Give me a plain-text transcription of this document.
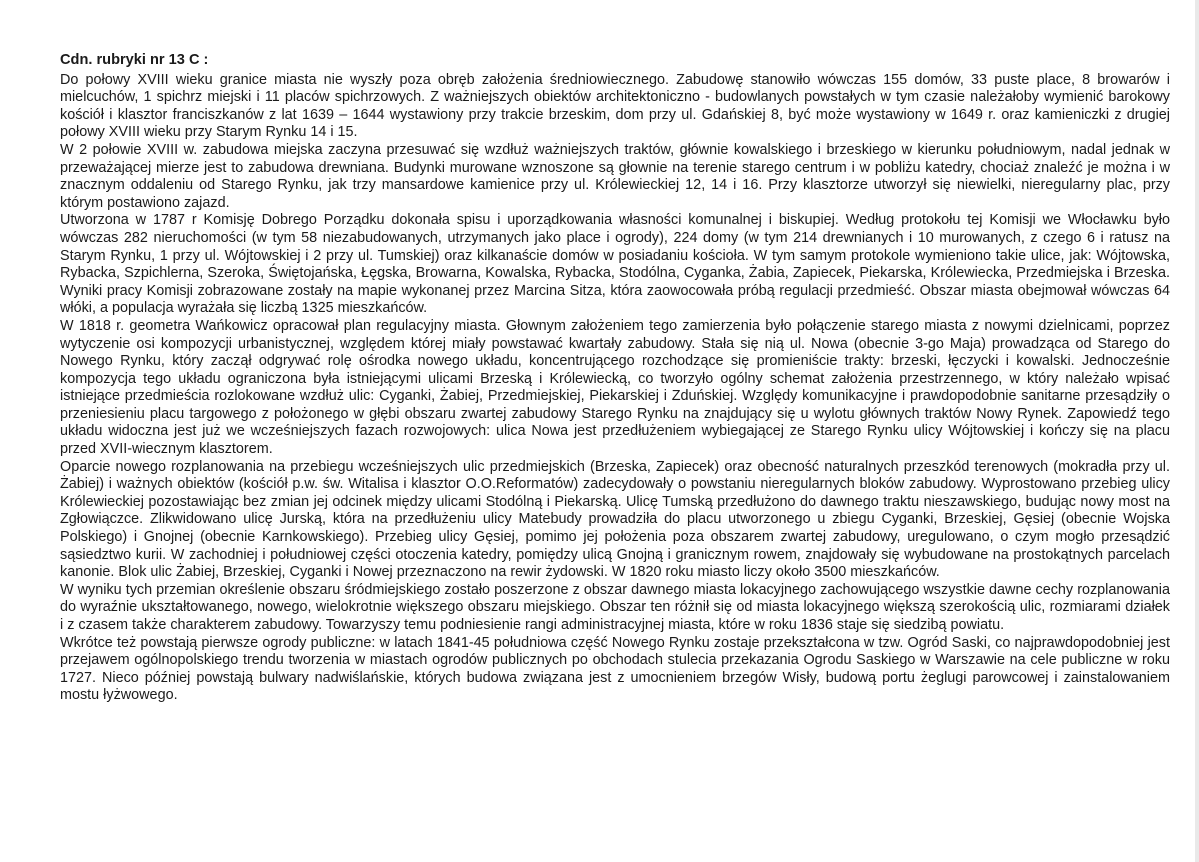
Cdn. rubryki nr 13 C :

Do połowy XVIII wieku granice miasta nie wyszły poza obręb założenia średniowiecznego. Zabudowę stanowiło wówczas 155 domów, 33 puste place, 8 browarów i mielcuchów, 1 spichrz miejski i 11 placów spichrzowych. Z ważniejszych obiektów architektoniczno - budowlanych powstałych w tym czasie należałoby wymienić barokowy kościół i klasztor franciszkanów z lat 1639 – 1644 wystawiony przy trakcie brzeskim, dom przy ul. Gdańskiej 8, być może wystawiony w 1649 r. oraz kamieniczki z drugiej połowy XVIII wieku przy Starym Rynku 14 i 15.

W 2 połowie XVIII w. zabudowa miejska zaczyna przesuwać się wzdłuż ważniejszych traktów, głównie kowalskiego i brzeskiego w kierunku południowym, nadal jednak w przeważającej mierze jest to zabudowa drewniana. Budynki murowane wznoszone są głownie na terenie starego centrum i w pobliżu katedry, chociaż znaleźć je można i w znacznym oddaleniu od Starego Rynku, jak trzy mansardowe kamienice przy ul. Królewieckiej 12, 14 i 16. Przy klasztorze utworzył się niewielki, nieregularny plac, przy którym postawiono zajazd.

Utworzona w 1787 r Komisję Dobrego Porządku dokonała spisu i uporządkowania własności komunalnej i biskupiej. Według protokołu tej Komisji we Włocławku było wówczas 282 nieruchomości (w tym 58 niezabudowanych, utrzymanych jako place i ogrody), 224 domy (w tym 214 drewnianych i 10 murowanych, z czego 6 i ratusz na Starym Rynku, 1 przy ul. Wójtowskiej i 2 przy ul. Tumskiej) oraz kilkanaście domów w posiadaniu kościoła. W tym samym protokole wymieniono takie ulice, jak: Wójtowska, Rybacka, Szpichlerna, Szeroka, Świętojańska, Łęgska, Browarna, Kowalska, Rybacka, Stodólna, Cyganka, Żabia, Zapiecek, Piekarska, Królewiecka, Przedmiejska i Brzeska. Wyniki pracy Komisji zobrazowane zostały na mapie wykonanej przez Marcina Sitza, która zaowocowała próbą regulacji przedmieść. Obszar miasta obejmował wówczas 64 włóki, a populacja wyrażała się liczbą 1325 mieszkańców.

W 1818 r. geometra Wańkowicz opracował plan regulacyjny miasta. Głownym założeniem tego zamierzenia było połączenie starego miasta z nowymi dzielnicami, poprzez wytyczenie osi kompozycji urbanistycznej, względem której miały powstawać kwartały zabudowy. Stała się nią ul. Nowa (obecnie 3-go Maja) prowadząca od Starego do Nowego Rynku, który zaczął odgrywać rolę ośrodka nowego układu, koncentrującego rozchodzące się promieniście trakty: brzeski, łęczycki i kowalski. Jednocześnie kompozycja tego układu ograniczona była istniejącymi ulicami Brzeską i Królewiecką, co tworzyło ogólny schemat założenia przestrzennego, w który należało wpisać istniejące przedmieścia rozlokowane wzdłuż ulic: Cyganki, Żabiej, Przedmiejskiej, Piekarskiej i Zduńskiej. Względy komunikacyjne i prawdopodobnie sanitarne przesądziły o przeniesieniu placu targowego z położonego w głębi obszaru zwartej zabudowy Starego Rynku na znajdujący się u wylotu głównych traktów Nowy Rynek. Zapowiedź tego układu widoczna jest już we wcześniejszych fazach rozwojowych: ulica Nowa jest przedłużeniem wybiegającej ze Starego Rynku ulicy Wójtowskiej i kończy się na placu przed XVII-wiecznym klasztorem.

Oparcie nowego rozplanowania na przebiegu wcześniejszych ulic przedmiejskich (Brzeska, Zapiecek) oraz obecność naturalnych przeszkód terenowych (mokradła przy ul. Żabiej) i ważnych obiektów (kościół p.w. św. Witalisa i klasztor O.O.Reformatów) zadecydowały o powstaniu nieregularnych bloków zabudowy. Wyprostowano przebieg ulicy Królewieckiej pozostawiając bez zmian jej odcinek między ulicami Stodólną i Piekarską. Ulicę Tumską przedłużono do dawnego traktu nieszawskiego, budując nowy most na Zgłowiączce. Zlikwidowano ulicę Jurską, która na przedłużeniu ulicy Matebudy prowadziła do placu utworzonego u zbiegu Cyganki, Brzeskiej, Gęsiej (obecnie Wojska Polskiego) i Gnojnej (obecnie Karnkowskiego). Przebieg ulicy Gęsiej, pomimo jej położenia poza obszarem zwartej zabudowy, uregulowano, o czym mogło przesądzić sąsiedztwo kurii. W zachodniej i południowej części otoczenia katedry, pomiędzy ulicą Gnojną i granicznym rowem, znajdowały się wybudowane na prostokątnych parcelach kanonie. Blok ulic Żabiej, Brzeskiej, Cyganki i Nowej przeznaczono na rewir żydowski. W 1820 roku miasto liczy około 3500 mieszkańców.

W wyniku tych przemian określenie obszaru śródmiejskiego zostało poszerzone z obszar dawnego miasta lokacyjnego zachowującego wszystkie dawne cechy rozplanowania do wyraźnie ukształtowanego, nowego, wielokrotnie większego obszaru miejskiego. Obszar ten różnił się od miasta lokacyjnego większą szerokością ulic, rozmiarami działek i z czasem także charakterem zabudowy. Towarzyszy temu podniesienie rangi administracyjnej miasta, które w roku 1836 staje się siedzibą powiatu.

Wkrótce też powstają pierwsze ogrody publiczne: w latach 1841-45 południowa część Nowego Rynku zostaje przekształcona w tzw. Ogród Saski, co najprawdopodobniej jest przejawem ogólnopolskiego trendu tworzenia w miastach ogrodów publicznych po obchodach stulecia przekazania Ogrodu Saskiego w Warszawie na cele publiczne w roku 1727. Nieco później powstają bulwary nadwiślańskie, których budowa związana jest z umocnieniem brzegów Wisły, budową portu żeglugi parowcowej i zainstalowaniem mostu łyżwowego.
